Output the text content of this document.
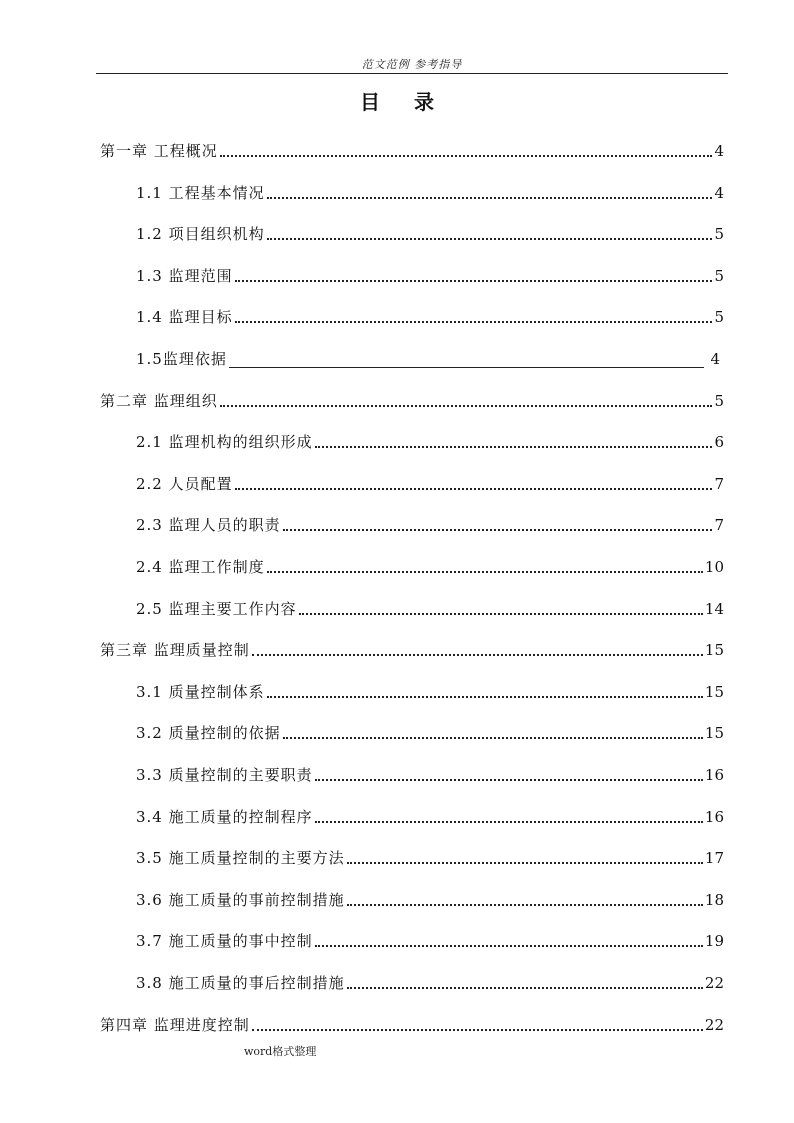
范文范例 参考指导
目录
第一章 工程概况	4
1.1 工程基本情况	4
1.2 项目组织机构	5
1.3 监理范围	5
1.4 监理目标	5
1.5监理依据	4
第二章 监理组织	5
2.1 监理机构的组织形成	6
2.2 人员配置	7
2.3 监理人员的职责	7
2.4 监理工作制度	10
2.5 监理主要工作内容	14
第三章 监理质量控制	15
3.1 质量控制体系	15
3.2 质量控制的依据	15
3.3 质量控制的主要职责	16
3.4 施工质量的控制程序	16
3.5 施工质量控制的主要方法	17
3.6 施工质量的事前控制措施	18
3.7 施工质量的事中控制	19
3.8 施工质量的事后控制措施	22
第四章 监理进度控制	22
word格式整理
